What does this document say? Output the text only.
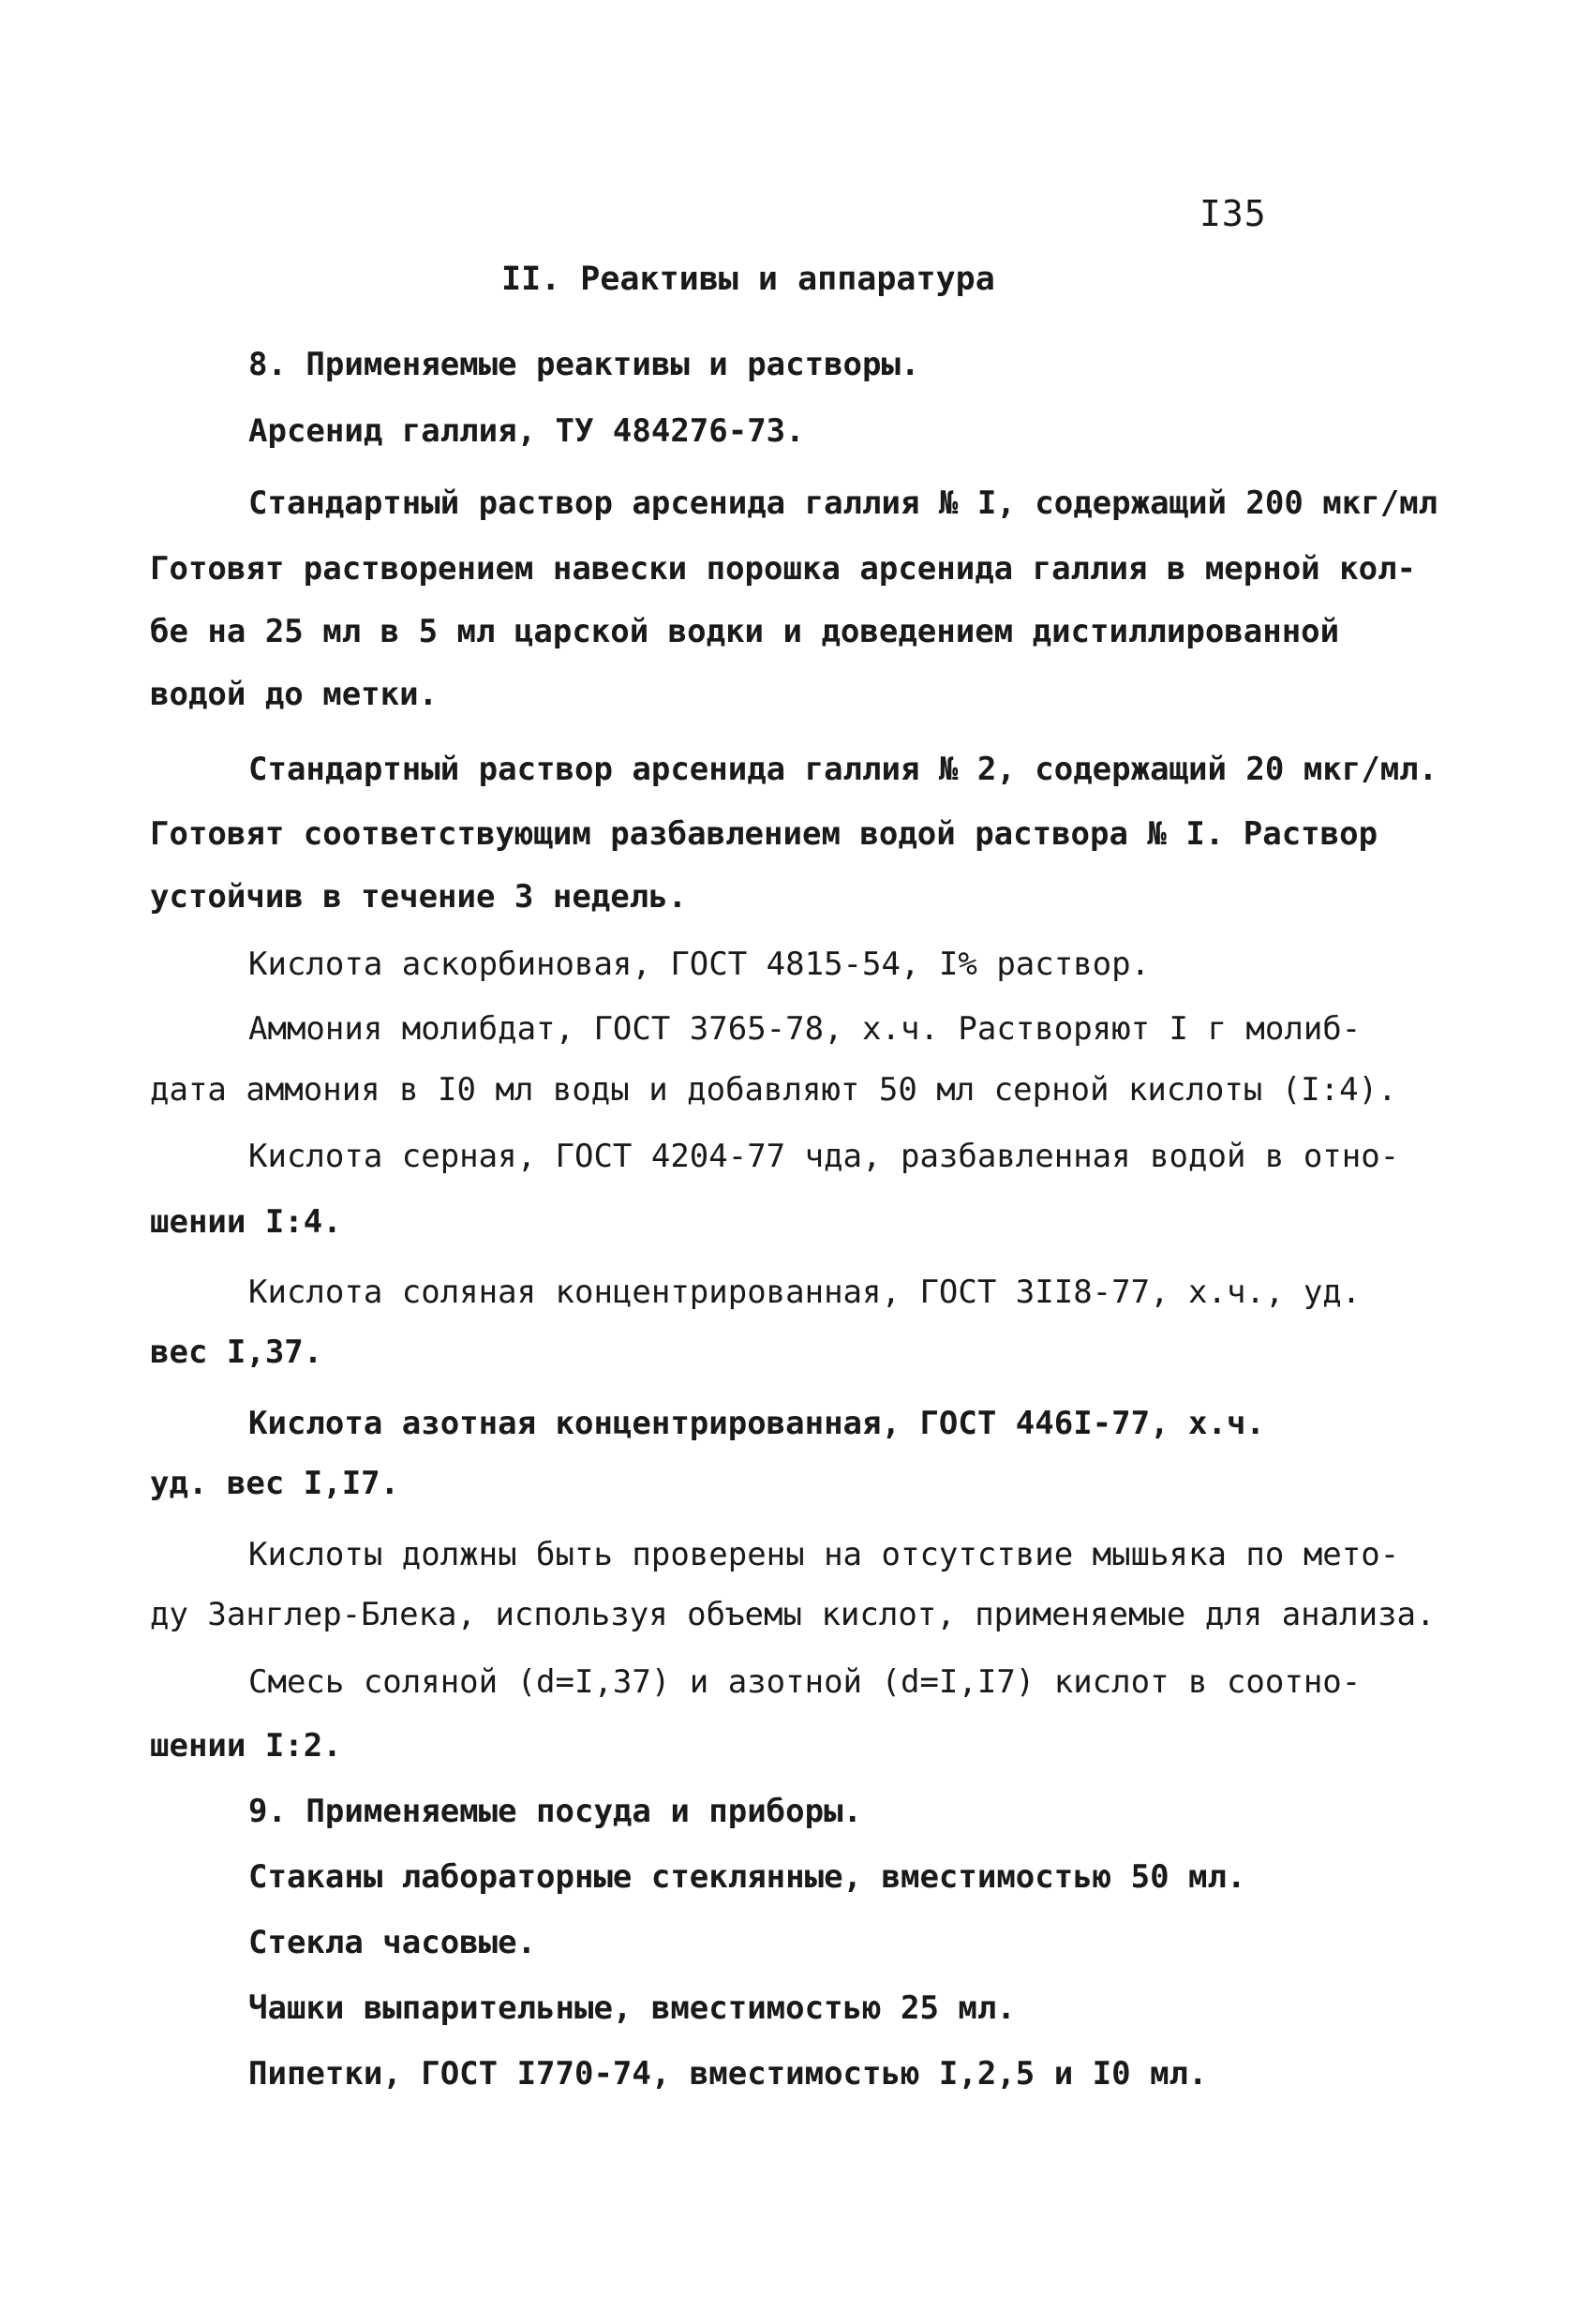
I35
II. Реактивы и аппаратура
8. Применяемые реактивы и растворы.
Арсенид галлия, ТУ 484276-73.
Стандартный раствор арсенида галлия № I, содержащий 200 мкг/мл
Готовят растворением навески порошка арсенида галлия в мерной кол-
бе на 25 мл в 5 мл царской водки и доведением дистиллированной
водой до метки.
Стандартный раствор арсенида галлия № 2, содержащий 20 мкг/мл.
Готовят соответствующим разбавлением водой раствора № I. Раствор
устойчив в течение 3 недель.
Кислота аскорбиновая, ГОСТ 4815-54, I% раствор.
Аммония молибдат, ГОСТ 3765-78, х.ч. Растворяют I г молиб-
дата аммония в I0 мл воды и добавляют 50 мл серной кислоты (I:4).
Кислота серная, ГОСТ 4204-77 чда, разбавленная водой в отно-
шении I:4.
Кислота соляная концентрированная, ГОСТ 3II8-77, х.ч., уд.
вес I,37.
Кислота азотная концентрированная, ГОСТ 446I-77, х.ч.
уд. вес I,I7.
Кислоты должны быть проверены на отсутствие мышьяка по мето-
ду Занглер-Блека, используя объемы кислот, применяемые для анализа.
Смесь соляной (d=I,37) и азотной (d=I,I7) кислот в соотно-
шении I:2.
9. Применяемые посуда и приборы.
Стаканы лабораторные стеклянные, вместимостью 50 мл.
Стекла часовые.
Чашки выпарительные, вместимостью 25 мл.
Пипетки, ГОСТ I770-74, вместимостью I,2,5 и I0 мл.
